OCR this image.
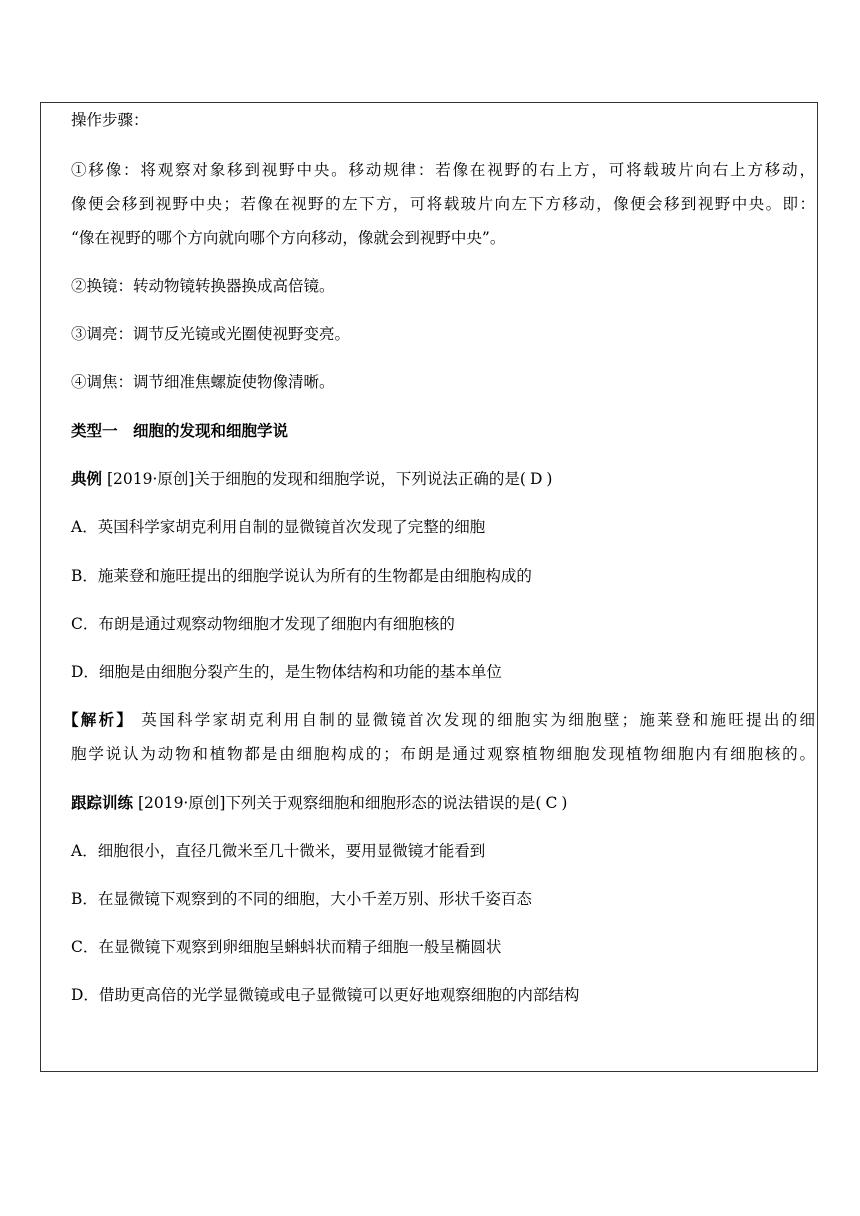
操作步骤：

①移像：将观察对象移到视野中央。移动规律：若像在视野的右上方，可将载玻片向右上方移动，

像便会移到视野中央；若像在视野的左下方，可将载玻片向左下方移动，像便会移到视野中央。即：

“像在视野的哪个方向就向哪个方向移动，像就会到视野中央”。

②换镜：转动物镜转换器换成高倍镜。

③调亮：调节反光镜或光圈使视野变亮。

④调焦：调节细准焦螺旋使物像清晰。

类型一　细胞的发现和细胞学说

典例 [2019·原创]关于细胞的发现和细胞学说，下列说法正确的是( D )

A．英国科学家胡克利用自制的显微镜首次发现了完整的细胞

B．施莱登和施旺提出的细胞学说认为所有的生物都是由细胞构成的

C．布朗是通过观察动物细胞才发现了细胞内有细胞核的

D．细胞是由细胞分裂产生的，是生物体结构和功能的基本单位

【解析】 英国科学家胡克利用自制的显微镜首次发现的细胞实为细胞壁；施莱登和施旺提出的细

胞学说认为动物和植物都是由细胞构成的；布朗是通过观察植物细胞发现植物细胞内有细胞核的。

跟踪训练 [2019·原创]下列关于观察细胞和细胞形态的说法错误的是( C )

A．细胞很小，直径几微米至几十微米，要用显微镜才能看到

B．在显微镜下观察到的不同的细胞，大小千差万别、形状千姿百态

C．在显微镜下观察到卵细胞呈蝌蚪状而精子细胞一般呈椭圆状

D．借助更高倍的光学显微镜或电子显微镜可以更好地观察细胞的内部结构
